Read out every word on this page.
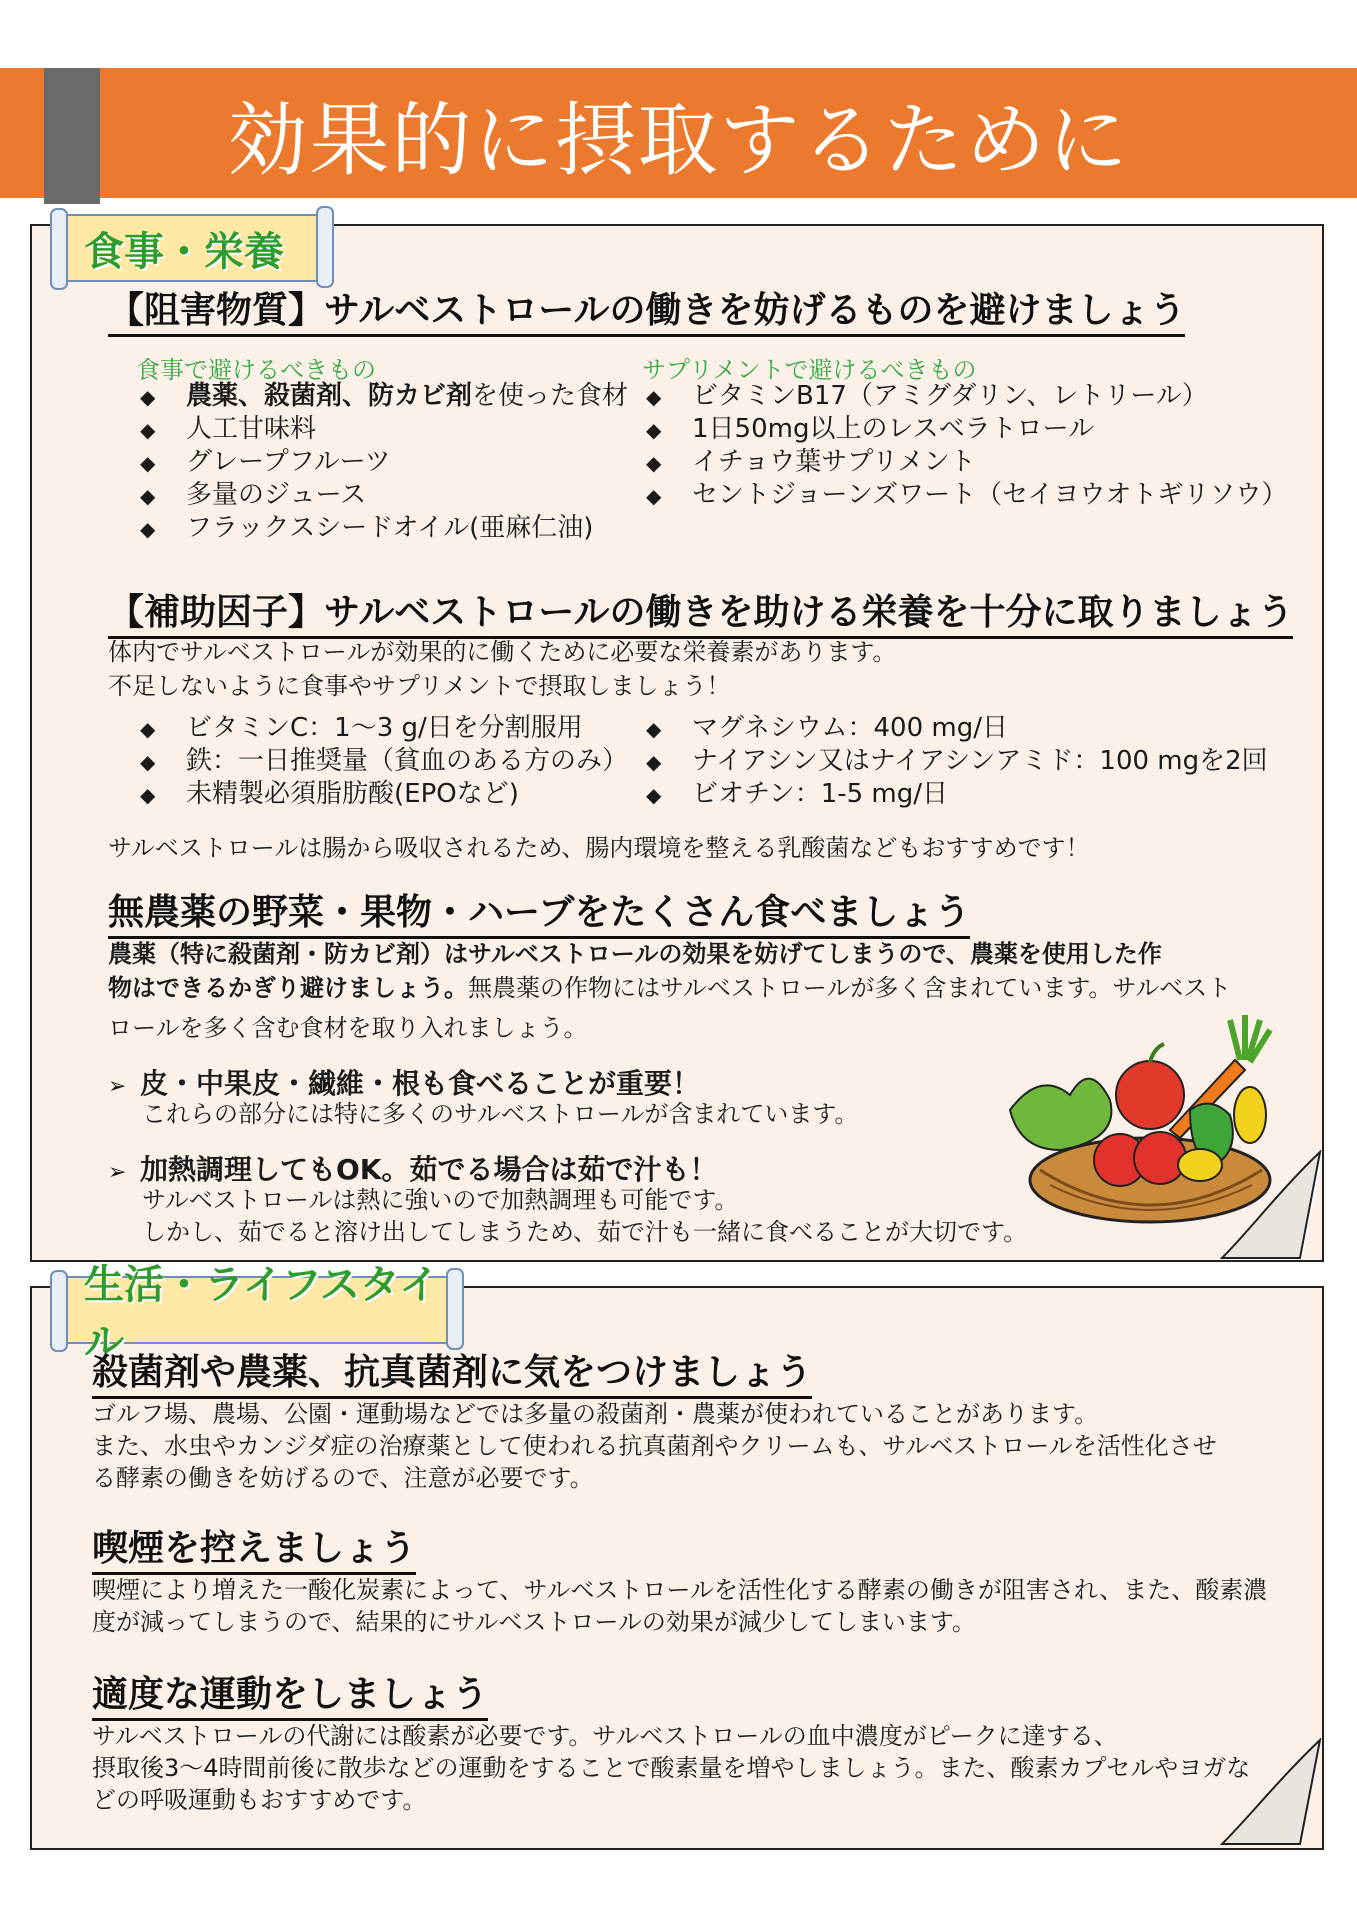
効果的に摂取するために
食事・栄養
【阻害物質】サルベストロールの働きを妨げるものを避けましょう
食事で避けるべきもの
◆ 農薬、殺菌剤、防カビ剤を使った食材
◆ 人工甘味料
◆ グレープフルーツ
◆ 多量のジュース
◆ フラックスシードオイル(亜麻仁油)
サプリメントで避けるべきもの
◆ ビタミンB17（アミグダリン、レトリール）
◆ 1日50mg以上のレスベラトロール
◆ イチョウ葉サプリメント
◆ セントジョーンズワート（セイヨウオトギリソウ）
【補助因子】サルベストロールの働きを助ける栄養を十分に取りましょう
体内でサルベストロールが効果的に働くために必要な栄養素があります。
不足しないように食事やサプリメントで摂取しましょう！
◆ ビタミンC：1～3 g/日を分割服用
◆ 鉄：一日推奨量（貧血のある方のみ）
◆ 未精製必須脂肪酸(EPOなど)
◆ マグネシウム：400 mg/日
◆ ナイアシン又はナイアシンアミド：100 mgを2回
◆ ビオチン：1-5 mg/日
サルベストロールは腸から吸収されるため、腸内環境を整える乳酸菌などもおすすめです！
無農薬の野菜・果物・ハーブをたくさん食べましょう
農薬（特に殺菌剤・防カビ剤）はサルベストロールの効果を妨げてしまうので、農薬を使用した作
物はできるかぎり避けましょう。無農薬の作物にはサルベストロールが多く含まれています。サルベスト
ロールを多く含む食材を取り入れましょう。
➢ 皮・中果皮・繊維・根も食べることが重要！
これらの部分には特に多くのサルベストロールが含まれています。
➢ 加熱調理してもOK。茹でる場合は茹で汁も！
サルベストロールは熱に強いので加熱調理も可能です。
しかし、茹でると溶け出してしまうため、茹で汁も一緒に食べることが大切です。
生活・ライフスタイル
殺菌剤や農薬、抗真菌剤に気をつけましょう
ゴルフ場、農場、公園・運動場などでは多量の殺菌剤・農薬が使われていることがあります。
また、水虫やカンジダ症の治療薬として使われる抗真菌剤やクリームも、サルベストロールを活性化させ
る酵素の働きを妨げるので、注意が必要です。
喫煙を控えましょう
喫煙により増えた一酸化炭素によって、サルベストロールを活性化する酵素の働きが阻害され、また、酸素濃
度が減ってしまうので、結果的にサルベストロールの効果が減少してしまいます。
適度な運動をしましょう
サルベストロールの代謝には酸素が必要です。サルベストロールの血中濃度がピークに達する、
摂取後3～4時間前後に散歩などの運動をすることで酸素量を増やしましょう。また、酸素カプセルやヨガな
どの呼吸運動もおすすめです。
